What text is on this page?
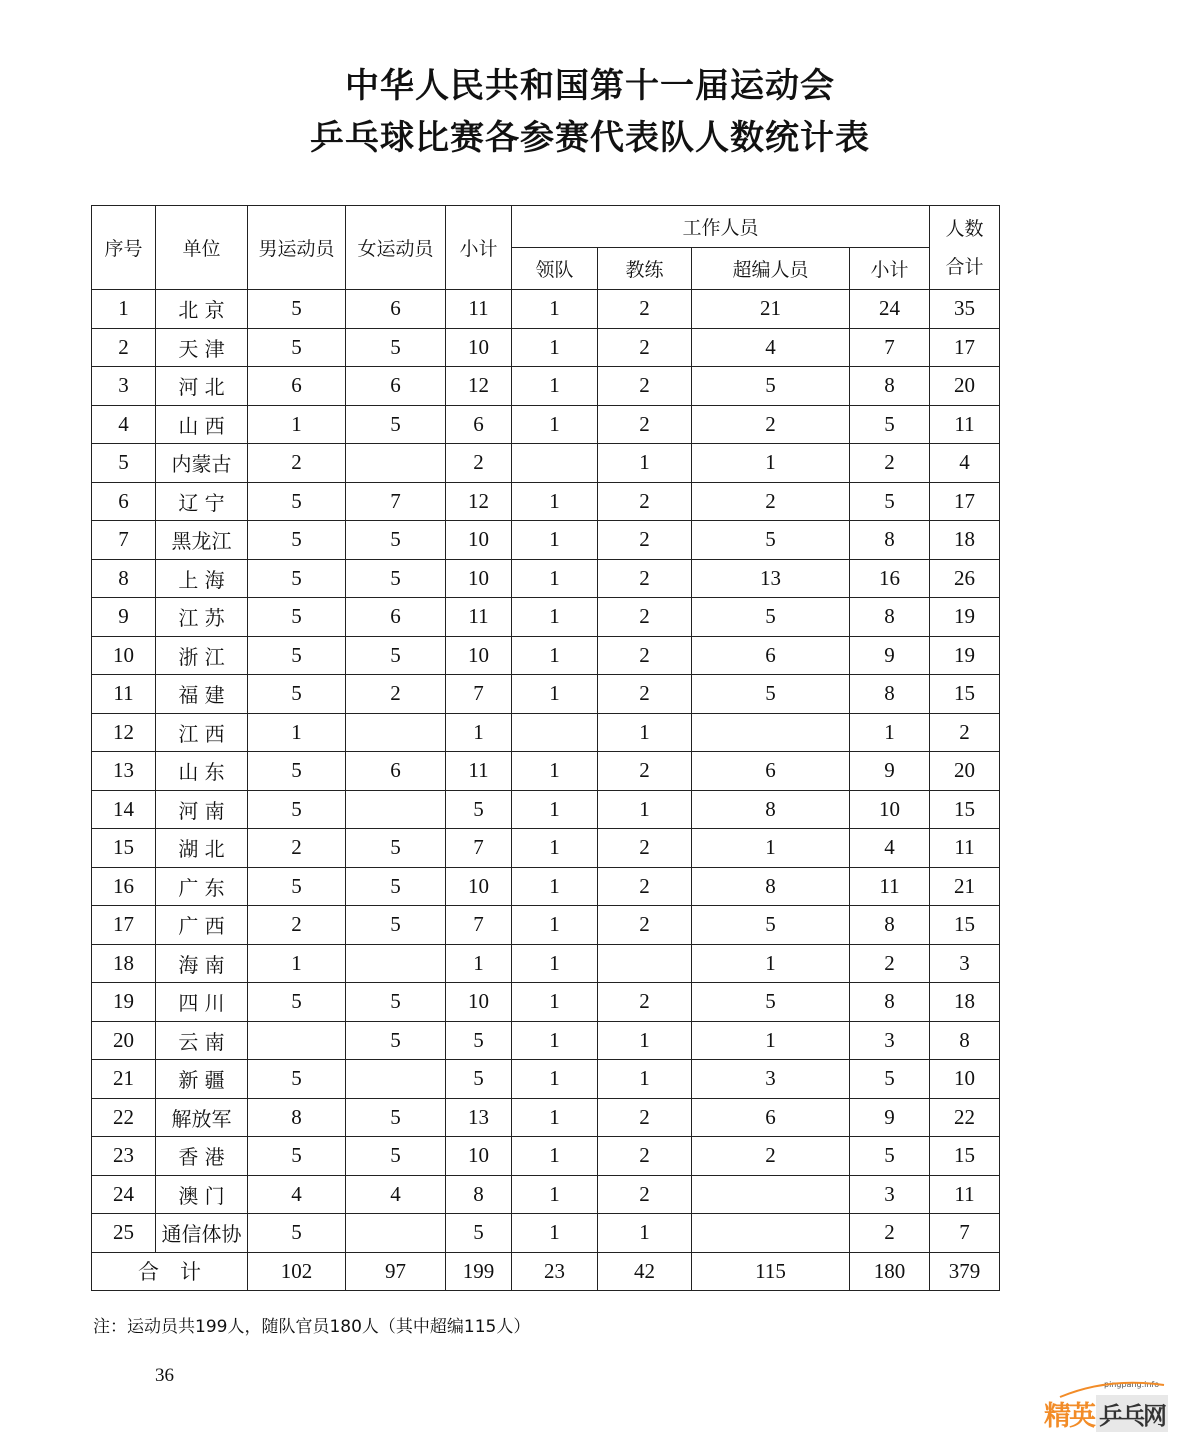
中华人民共和国第十一届运动会
乒乓球比赛各参赛代表队人数统计表
序号	单位	男运动员	女运动员	小计	工作人员				人数合计
					领队	教练	超编人员	小计	
1	北 京	5	6	11	1	2	21	24	35
2	天 津	5	5	10	1	2	4	7	17
3	河 北	6	6	12	1	2	5	8	20
4	山 西	1	5	6	1	2	2	5	11
5	内蒙古	2		2		1	1	2	4
6	辽 宁	5	7	12	1	2	2	5	17
7	黑龙江	5	5	10	1	2	5	8	18
8	上 海	5	5	10	1	2	13	16	26
9	江 苏	5	6	11	1	2	5	8	19
10	浙 江	5	5	10	1	2	6	9	19
11	福 建	5	2	7	1	2	5	8	15
12	江 西	1		1		1		1	2
13	山 东	5	6	11	1	2	6	9	20
14	河 南	5		5	1	1	8	10	15
15	湖 北	2	5	7	1	2	1	4	11
16	广 东	5	5	10	1	2	8	11	21
17	广 西	2	5	7	1	2	5	8	15
18	海 南	1		1	1		1	2	3
19	四 川	5	5	10	1	2	5	8	18
20	云 南		5	5	1	1	1	3	8
21	新 疆	5		5	1	1	3	5	10
22	解放军	8	5	13	1	2	6	9	22
23	香 港	5	5	10	1	2	2	5	15
24	澳 门	4	4	8	1	2		3	11
25	通信体协	5		5	1	1		2	7
合　计		102	97	199	23	42	115	180	379
注：运动员共199人，随队官员180人（其中超编115人）
36	pingpang.info
精英 乒乓网
